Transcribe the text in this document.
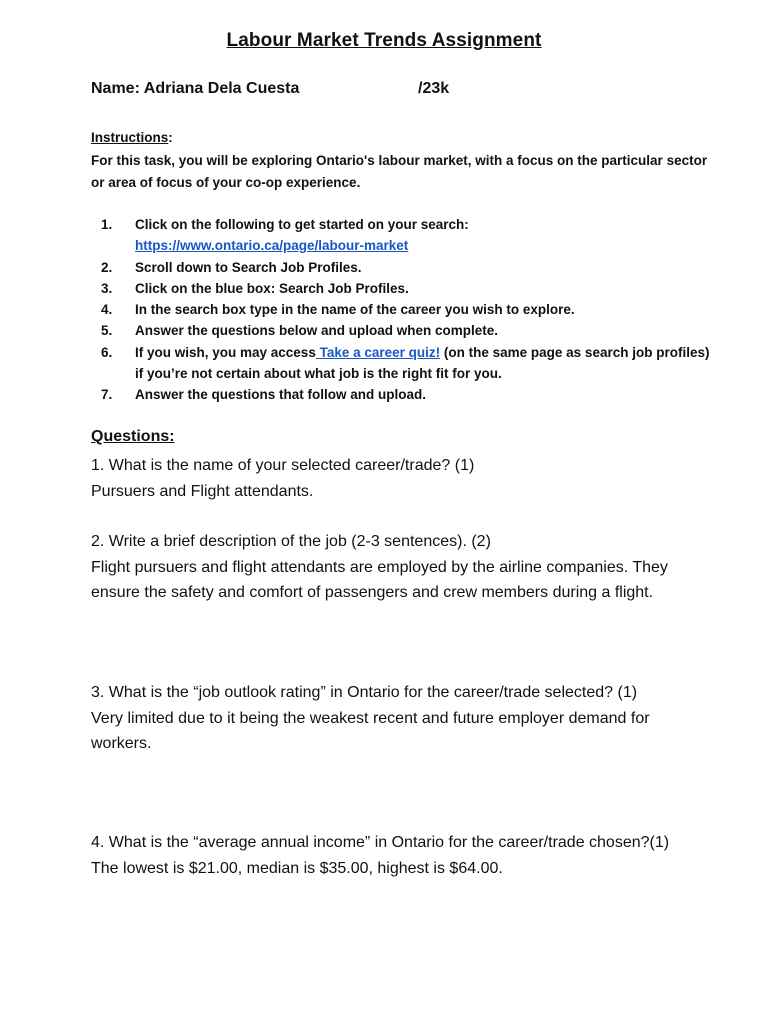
Labour Market Trends Assignment
Name: Adriana Dela Cuesta	/23k
Instructions:
For this task, you will be exploring Ontario's labour market, with a focus on the particular sector or area of focus of your co-op experience.
1. Click on the following to get started on your search:
https://www.ontario.ca/page/labour-market
2. Scroll down to Search Job Profiles.
3. Click on the blue box: Search Job Profiles.
4. In the search box type in the name of the career you wish to explore.
5. Answer the questions below and upload when complete.
6. If you wish, you may access Take a career quiz! (on the same page as search job profiles) if you’re not certain about what job is the right fit for you.
7. Answer the questions that follow and upload.
Questions:
1. What is the name of your selected career/trade? (1)
Pursuers and Flight attendants.
2. Write a brief description of the job (2-3 sentences). (2)
Flight pursuers and flight attendants are employed by the airline companies. They ensure the safety and comfort of passengers and crew members during a flight.
3. What is the “job outlook rating” in Ontario for the career/trade selected? (1)
Very limited due to it being the weakest recent and future employer demand for workers.
4. What is the “average annual income” in Ontario for the career/trade chosen?(1)
The lowest is $21.00, median is $35.00, highest is $64.00.
